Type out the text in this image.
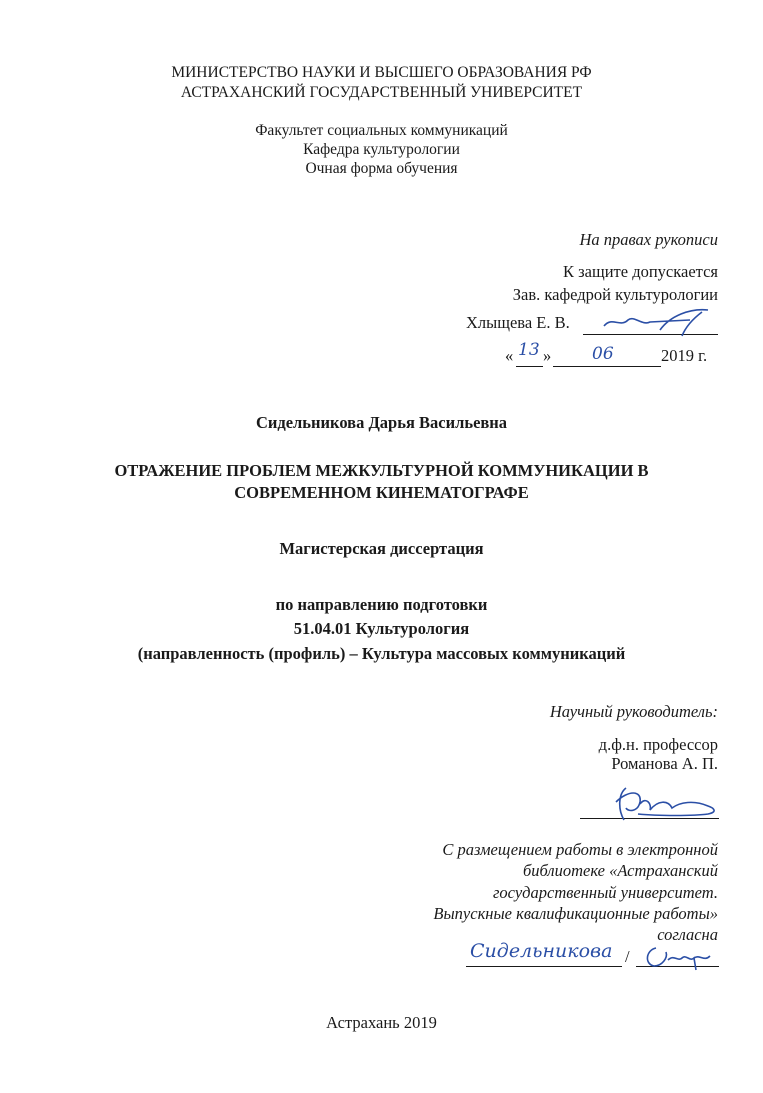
МИНИСТЕРСТВО НАУКИ И ВЫСШЕГО ОБРАЗОВАНИЯ РФ
АСТРАХАНСКИЙ ГОСУДАРСТВЕННЫЙ УНИВЕРСИТЕТ
Факультет социальных коммуникаций
Кафедра культурологии
Очная форма обучения
На правах рукописи
К защите допускается
Зав. кафедрой культурологии
Хлыщева Е. В.
« 13 » 06	2019 г.
Сидельникова Дарья Васильевна
ОТРАЖЕНИЕ ПРОБЛЕМ МЕЖКУЛЬТУРНОЙ КОММУНИКАЦИИ В
СОВРЕМЕННОМ КИНЕМАТОГРАФЕ
Магистерская диссертация
по направлению подготовки
51.04.01 Культурология
(направленность (профиль) – Культура массовых коммуникаций
Научный руководитель:
д.ф.н. профессор
Романова А. П.
С размещением работы в электронной
библиотеке «Астраханский
государственный университет.
Выпускные квалификационные работы»
согласна
Сидельникова /
Астрахань 2019
